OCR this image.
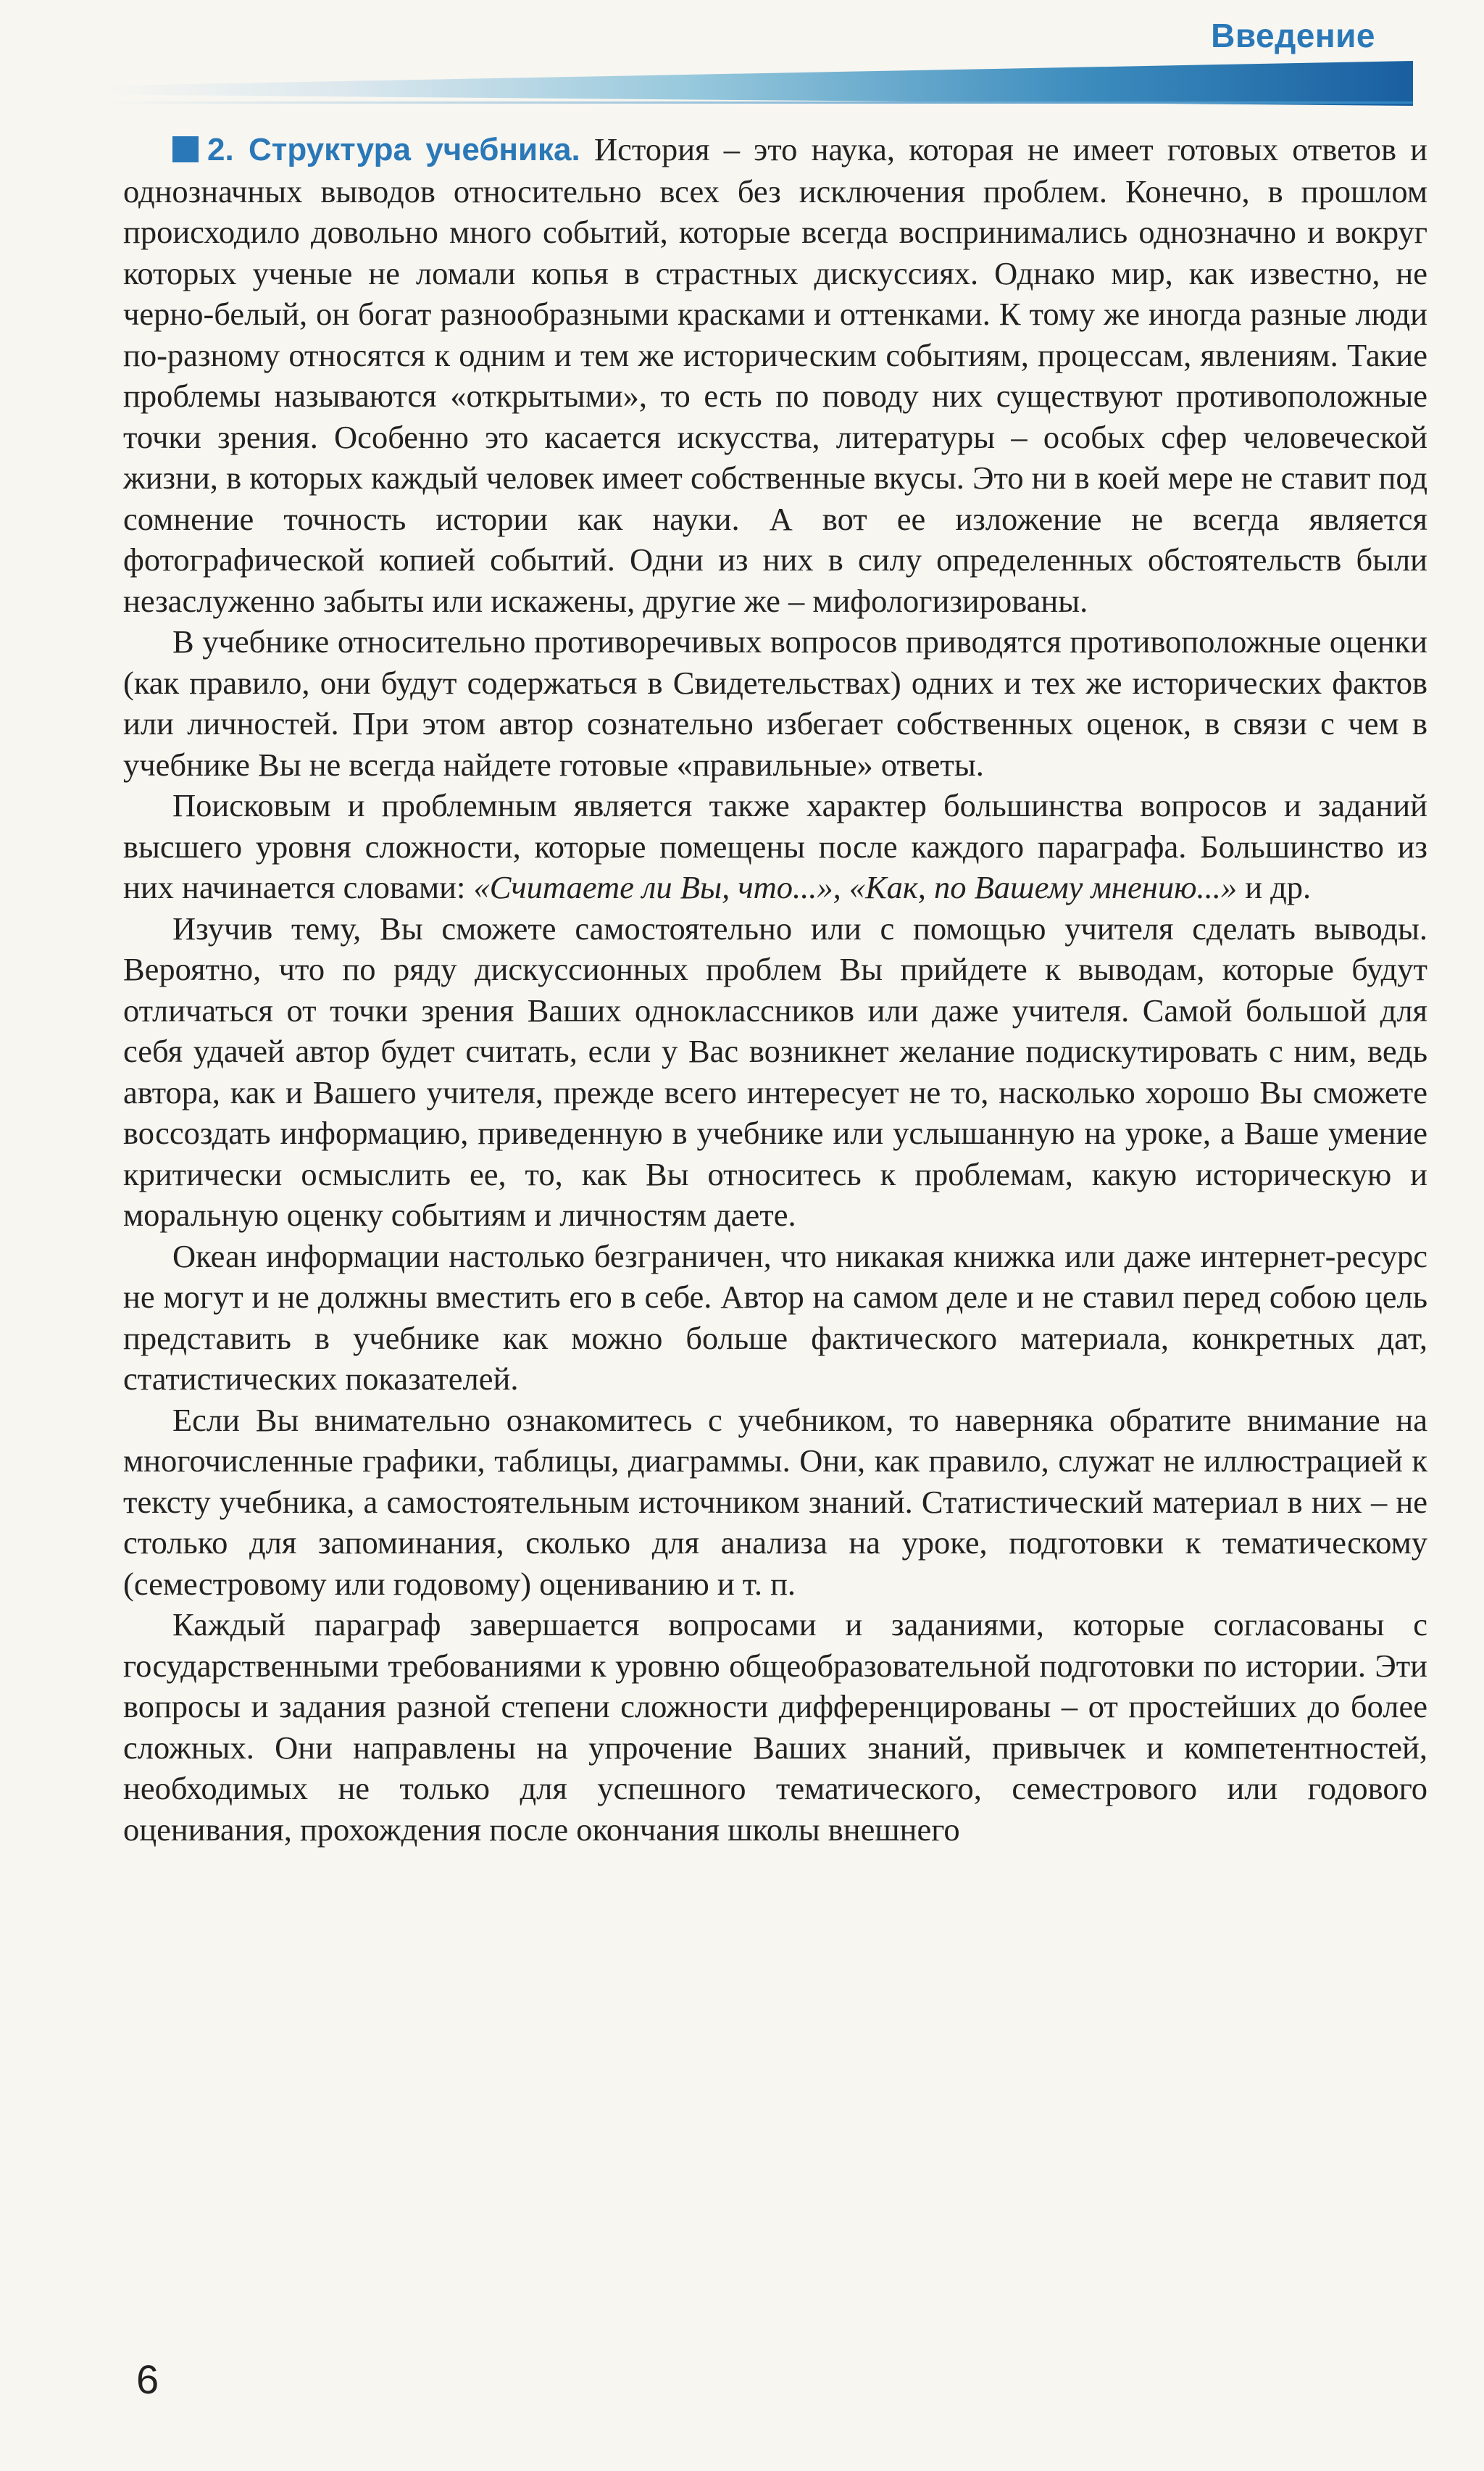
Введение

2. Структура учебника. История – это наука, которая не имеет готовых ответов и однозначных выводов относительно всех без исключения проблем. Конечно, в прошлом происходило довольно много событий, которые всегда воспринимались однозначно и вокруг которых ученые не ломали копья в страстных дискуссиях. Однако мир, как известно, не черно-белый, он богат разнообразными красками и оттенками. К тому же иногда разные люди по-разному относятся к одним и тем же историческим событиям, процессам, явлениям. Такие проблемы называются «открытыми», то есть по поводу них существуют противоположные точки зрения. Особенно это касается искусства, литературы – особых сфер человеческой жизни, в которых каждый человек имеет собственные вкусы. Это ни в коей мере не ставит под сомнение точность истории как науки. А вот ее изложение не всегда является фотографической копией событий. Одни из них в силу определенных обстоятельств были незаслуженно забыты или искажены, другие же – мифологизированы.

В учебнике относительно противоречивых вопросов приводятся противоположные оценки (как правило, они будут содержаться в Свидетельствах) одних и тех же исторических фактов или личностей. При этом автор сознательно избегает собственных оценок, в связи с чем в учебнике Вы не всегда найдете готовые «правильные» ответы.

Поисковым и проблемным является также характер большинства вопросов и заданий высшего уровня сложности, которые помещены после каждого параграфа. Большинство из них начинается словами: «Считаете ли Вы, что...», «Как, по Вашему мнению...» и др.

Изучив тему, Вы сможете самостоятельно или с помощью учителя сделать выводы. Вероятно, что по ряду дискуссионных проблем Вы прийдете к выводам, которые будут отличаться от точки зрения Ваших одноклассников или даже учителя. Самой большой для себя удачей автор будет считать, если у Вас возникнет желание подискутировать с ним, ведь автора, как и Вашего учителя, прежде всего интересует не то, насколько хорошо Вы сможете воссоздать информацию, приведенную в учебнике или услышанную на уроке, а Ваше умение критически осмыслить ее, то, как Вы относитесь к проблемам, какую историческую и моральную оценку событиям и личностям даете.

Океан информации настолько безграничен, что никакая книжка или даже интернет-ресурс не могут и не должны вместить его в себе. Автор на самом деле и не ставил перед собою цель представить в учебнике как можно больше фактического материала, конкретных дат, статистических показателей.

Если Вы внимательно ознакомитесь с учебником, то наверняка обратите внимание на многочисленные графики, таблицы, диаграммы. Они, как правило, служат не иллюстрацией к тексту учебника, а самостоятельным источником знаний. Статистический материал в них – не столько для запоминания, сколько для анализа на уроке, подготовки к тематическому (семестровому или годовому) оцениванию и т. п.

Каждый параграф завершается вопросами и заданиями, которые согласованы с государственными требованиями к уровню общеобразовательной подготовки по истории. Эти вопросы и задания разной степени сложности дифференцированы – от простейших до более сложных. Они направлены на упрочение Ваших знаний, привычек и компетентностей, необходимых не только для успешного тематического, семестрового или годового оценивания, прохождения после окончания школы внешнего

6
